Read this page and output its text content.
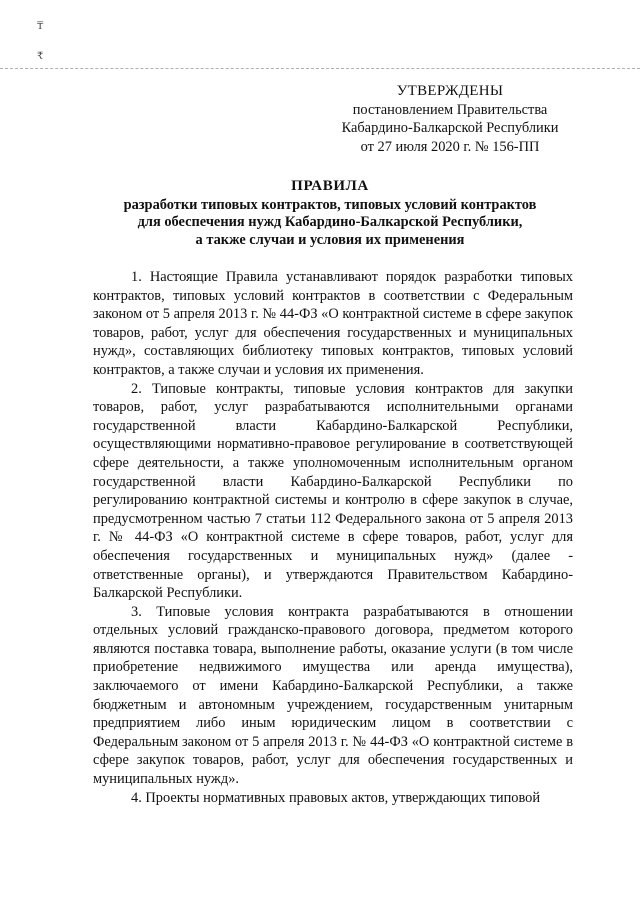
₸
₹
УТВЕРЖДЕНЫ
постановлением Правительства
Кабардино-Балкарской Республики
от 27 июля 2020 г. № 156-ПП
ПРАВИЛА
разработки типовых контрактов, типовых условий контрактов
для обеспечения нужд Кабардино-Балкарской Республики,
а также случаи и условия их применения

1. Настоящие Правила устанавливают порядок разработки типовых контрактов, типовых условий контрактов в соответствии с Федеральным законом от 5 апреля 2013 г. № 44-ФЗ «О контрактной системе в сфере закупок товаров, работ, услуг для обеспечения государственных и муниципальных нужд», составляющих библиотеку типовых контрактов, типовых условий контрактов, а также случаи и условия их применения.

2. Типовые контракты, типовые условия контрактов для закупки товаров, работ, услуг разрабатываются исполнительными органами государственной власти Кабардино-Балкарской Республики, осуществляющими нормативно-правовое регулирование в соответствующей сфере деятельности, а также уполномоченным исполнительным органом государственной власти Кабардино-Балкарской Республики по регулированию контрактной системы и контролю в сфере закупок в случае, предусмотренном частью 7 статьи 112 Федерального закона от 5 апреля 2013 г. № 44-ФЗ «О контрактной системе в сфере товаров, работ, услуг для обеспечения государственных и муниципальных нужд» (далее - ответственные органы), и утверждаются Правительством Кабардино-Балкарской Республики.

3. Типовые условия контракта разрабатываются в отношении отдельных условий гражданско-правового договора, предметом которого являются поставка товара, выполнение работы, оказание услуги (в том числе приобретение недвижимого имущества или аренда имущества), заключаемого от имени Кабардино-Балкарской Республики, а также бюджетным и автономным учреждением, государственным унитарным предприятием либо иным юридическим лицом в соответствии с Федеральным законом от 5 апреля 2013 г. № 44-ФЗ «О контрактной системе в сфере закупок товаров, работ, услуг для обеспечения государственных и муниципальных нужд».

4. Проекты нормативных правовых актов, утверждающих типовой
